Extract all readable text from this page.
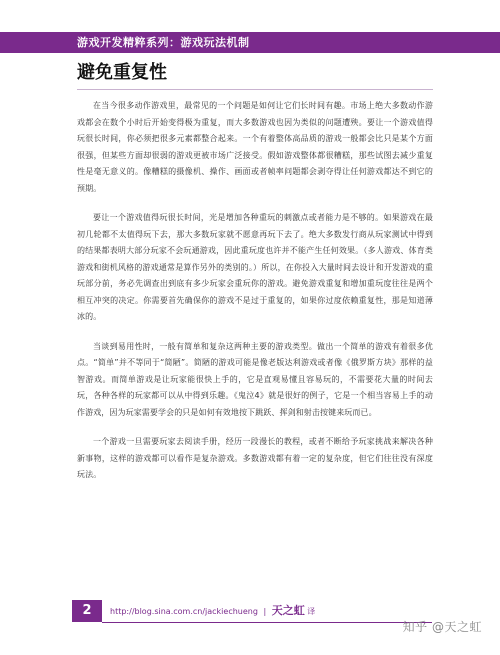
游戏开发精粹系列：游戏玩法机制
避免重复性

在当今很多动作游戏里，最常见的一个问题是如何让它们长时间有趣。市场上绝大多数动作游戏都会在数个小时后开始变得极为重复，而大多数游戏也因为类似的问题遭殃。要让一个游戏值得玩很长时间，你必须把很多元素都整合起来。一个有着整体高品质的游戏一般都会比只是某个方面很强，但某些方面却很弱的游戏更被市场广泛接受。假如游戏整体都很糟糕，那些试图去减少重复性是毫无意义的。像糟糕的摄像机、操作、画面或者帧率问题都会剥夺得让任何游戏都达不到它的预期。

要让一个游戏值得玩很长时间，光是增加各种重玩的刺激点或者能力是不够的。如果游戏在最初几轮都不太值得玩下去，那大多数玩家就不愿意再玩下去了。绝大多数发行商从玩家测试中得到的结果都表明大部分玩家不会玩通游戏，因此重玩度也许并不能产生任何效果。（多人游戏、体育类游戏和街机风格的游戏通常是算作另外的类别的。）所以，在你投入大量时间去设计和开发游戏的重玩部分前，务必先调查出到底有多少玩家会重玩你的游戏。避免游戏重复和增加重玩度往往是两个相互冲突的决定。你需要首先确保你的游戏不是过于重复的，如果你过度依赖重复性，那是知道薄冰的。

当谈到易用性时，一般有简单和复杂这两种主要的游戏类型。做出一个简单的游戏有着很多优点。“简单”并不等同于“简陋”。简陋的游戏可能是像老版达利游戏或者像《俄罗斯方块》那样的益智游戏。而简单游戏是让玩家能很快上手的，它是直观易懂且容易玩的，不需要花大量的时间去玩，各种各样的玩家都可以从中得到乐趣。《鬼泣4》就是很好的例子，它是一个相当容易上手的动作游戏，因为玩家需要学会的只是如何有效地按下跳跃、挥剑和射击按键来玩而已。

一个游戏一旦需要玩家去阅读手册，经历一段漫长的教程，或者不断给予玩家挑战来解决各种新事物，这样的游戏都可以看作是复杂游戏。多数游戏都有着一定的复杂度，但它们往往没有深度玩法。

2	http://blog.sina.com.cn/jackiechueng | 天之虹 译
知乎 @天之虹
